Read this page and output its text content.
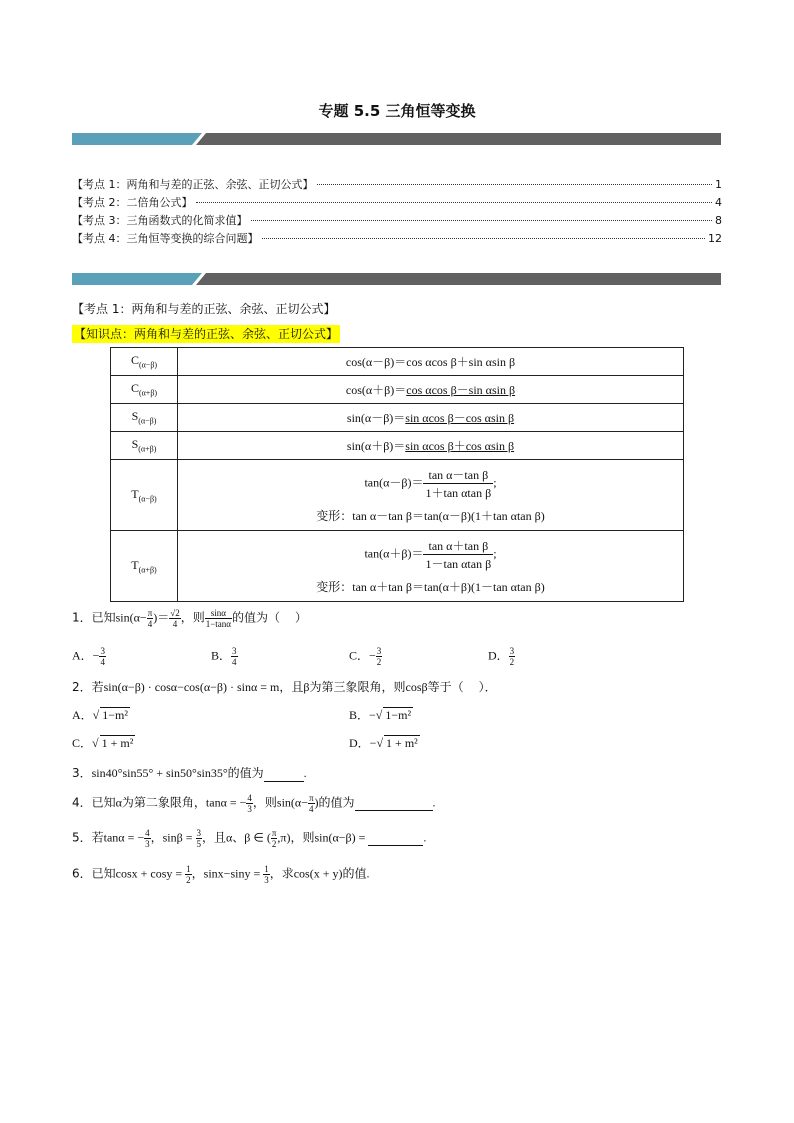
专题 5.5 三角恒等变换
【考点 1：两角和与差的正弦、余弦、正切公式】	1
【考点 2：二倍角公式】	4
【考点 3：三角函数式的化简求值】	8
【考点 4：三角恒等变换的综合问题】	12
【考点 1：两角和与差的正弦、余弦、正切公式】
【知识点：两角和与差的正弦、余弦、正切公式】
$C_{(\alpha-\beta)}$	cos(α－β)＝cos αcos β＋sin αsin β
$C_{(\alpha+\beta)}$	cos(α＋β)＝cos αcos β－sin αsin β
$S_{(\alpha-\beta)}$	sin(α－β)＝sin αcos β－cos αsin β
$S_{(\alpha+\beta)}$	sin(α＋β)＝sin αcos β＋cos αsin β
$T_{(\alpha-\beta)}$	$\tan(\alpha-\beta)= \frac{\text{tan α－tan β}}{\text{1＋tan αtan β}}$ ;
变形：tan α－tan β＝tan(α－β)(1＋tan αtan β)

$T_{(\alpha+\beta)}$	$\tan(\alpha+\beta)= \frac{\text{tan α＋tan β}}{\text{1－tan αtan β}}$ ;
变形：tan α＋tan β＝tan(α＋β)(1－tan αtan β)
1．已知$\sin(\alpha- \frac{\pi}{4}$ )＝ $\frac{√2}{4}$ ，则 $\frac{\sin\alpha}{1-\tan\alpha}$ 的值为（　 ）
A．− $\frac{3}{4}$	B． $\frac{3}{4}$	C．− $\frac{3}{2}$	D． $\frac{3}{2}$
2．若sin(α−β) · cosα−cos(α−β) · sinα = m，且β为第三象限角，则cosβ等于（　 ）．
A．√ 1−m²	B．−√ 1−m²
C．√ 1 + m²	D．−√ 1 + m²
3．sin40°sin55° + sin50°sin35°的值为	.
4．已知α为第二象限角，tanα = − $\frac{4}{3}$ ，则$\sin(\alpha- \frac{\pi}{4}$ )的值为	.
5．若tanα = − $\frac{4}{3}$ ，$\sin\beta = \frac{3}{5}$ ，且α、β ∈ ( $\frac{\pi}{2} ,\pi$)，则sin(α−β) =	.
6．已知$\cos x + \cos y = \frac{1}{2}$ ，$\sin x-\sin y = \frac{1}{3}$ ，求cos(x + y)的值.
